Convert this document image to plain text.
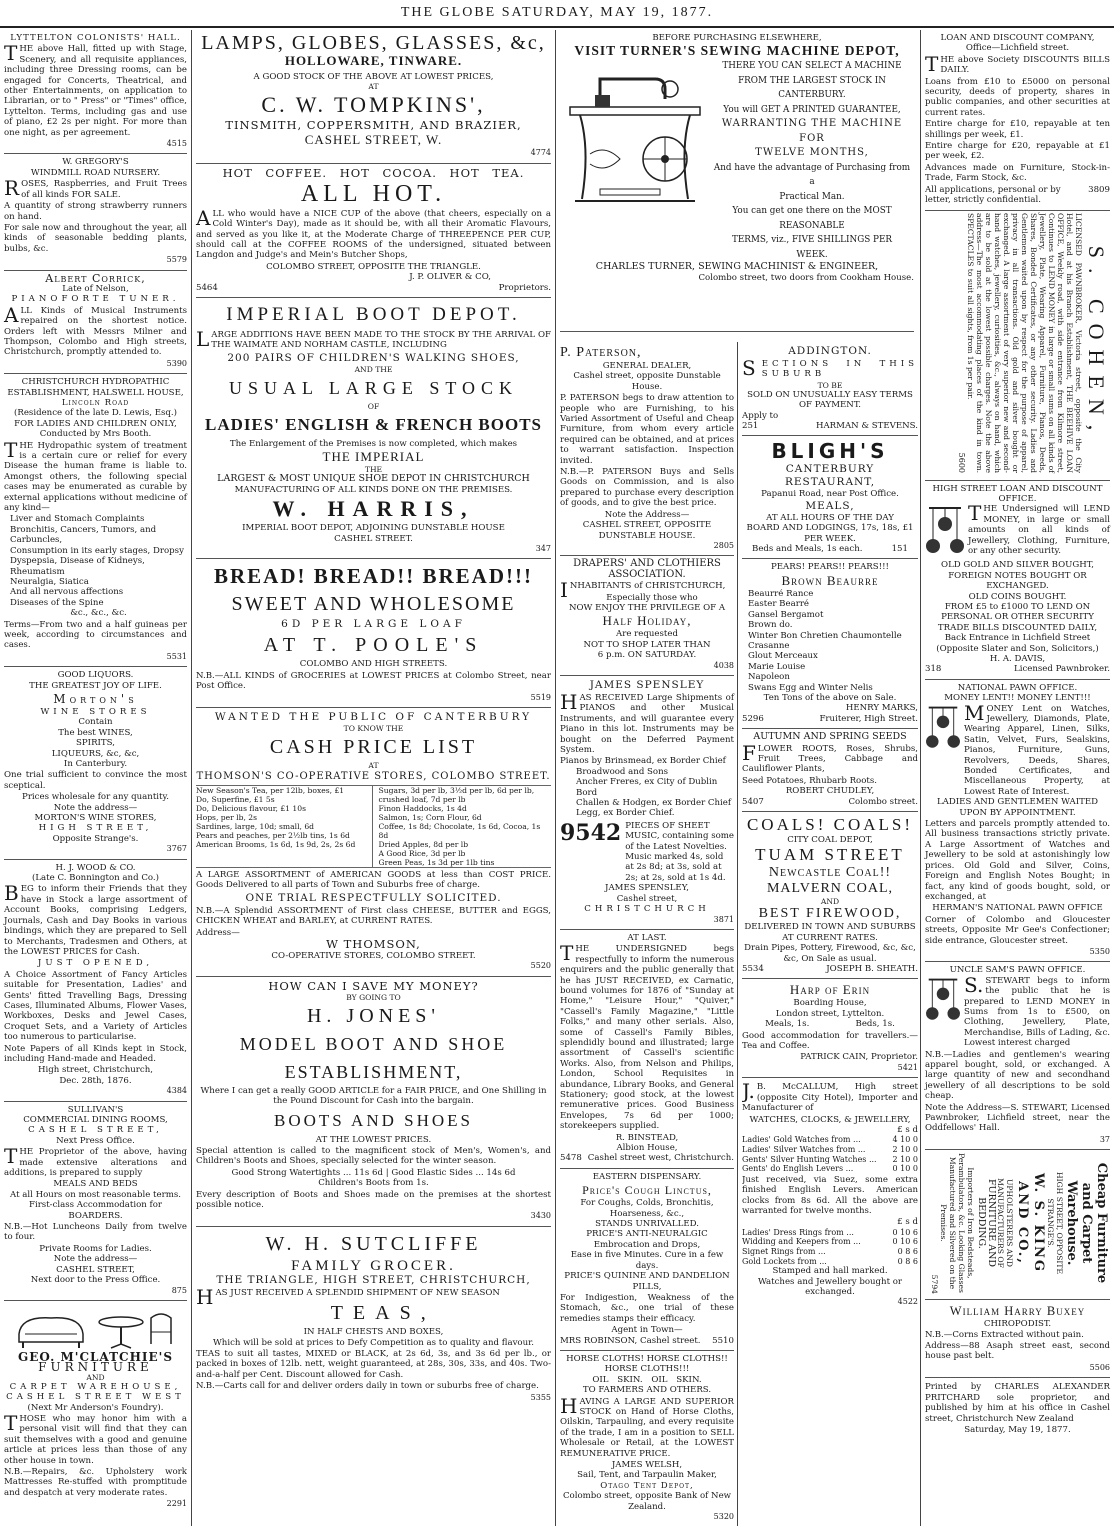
THE GLOBE SATURDAY, MAY 19, 1877.
LYTTELTON COLONISTS' HALL.

THE above Hall, fitted up with Stage, Scenery, and all requisite appliances, including three Dressing rooms, can be engaged for Concerts, Theatrical, and other Entertainments, on application to Librarian, or to " Press" or "Times" office, Lyttelton. Terms, including gas and use of piano, £2 2s per night. For more than one night, as per agreement.

4515
W. GREGORY'S
WINDMILL ROAD NURSERY.

ROSES, Raspberries, and Fruit Trees of all kinds FOR SALE.

A quantity of strong strawberry runners on hand.

For sale now and throughout the year, all kinds of seasonable bedding plants, bulbs, &c.

5579
Albert Corrick,
Late of Nelson,
PIANOFORTE TUNER.

ALL Kinds of Musical Instruments repaired on the shortest notice. Orders left with Messrs Milner and Thompson, Colombo and High streets, Christchurch, promptly attended to.

5390
CHRISTCHURCH HYDROPATHIC ESTABLISHMENT, HALSWELL HOUSE,
Lincoln Road
(Residence of the late D. Lewis, Esq.)
FOR LADIES AND CHILDREN ONLY,
Conducted by Mrs Booth.

THE Hydropathic system of treatment is a certain cure or relief for every Disease the human frame is liable to. Amongst others, the following special cases may be enumerated as curable by external applications without medicine of any kind—

Liver and Stomach Complaints
Bronchitis, Cancers, Tumors, and Carbuncles,
Consumption in its early stages, Dropsy
Dyspepsia, Disease of Kidneys, Rheumatism
Neuralgia, Siatica
And all nervous affections
Diseases of the Spine
&c., &c., &c.

Terms—From two and a half guineas per week, according to circumstances and cases.

5531
GOOD LIQUORS.
THE GREATEST JOY OF LIFE.
Morton's
WINE STORES
Contain
The best WINES,
SPIRITS,
LIQUEURS, &c, &c,
In Canterbury.

One trial sufficient to convince the most sceptical.

Prices wholesale for any quantity.
Note the address—
MORTON'S WINE STORES,
HIGH STREET,
Opposite Strange's.
3767
H. J. WOOD & CO.
(Late C. Bonnington and Co.)

BEG to inform their Friends that they have in Stock a large assortment of Account Books, comprising Ledgers, Journals, Cash and Day Books in various bindings, which they are prepared to Sell to Merchants, Tradesmen and Others, at the LOWEST PRICES for Cash.

JUST OPENED,

A Choice Assortment of Fancy Articles suitable for Presentation, Ladies' and Gents' fitted Travelling Bags, Dressing Cases, Illuminated Albums, Flower Vases, Workboxes, Desks and Jewel Cases, Croquet Sets, and a Variety of Articles too numerous to particularise.

Note Papers of all Kinds kept in Stock, including Hand-made and Headed.

High street, Christchurch,
Dec. 28th, 1876.
4384
SULLIVAN'S
COMMERCIAL DINING ROOMS,
CASHEL STREET,
Next Press Office.

THE Proprietor of the above, having made extensive alterations and additions, is prepared to supply

MEALS AND BEDS
At all Hours on most reasonable terms.
First-class Accommodation for
BOARDERS.

N.B.—Hot Luncheons Daily from twelve to four.

Private Rooms for Ladies.
Note the address—
CASHEL STREET,
Next door to the Press Office.
875
GEO. M'CLATCHIE'S
FURNITURE
AND
CARPET WAREHOUSE,
CASHEL STREET WEST
(Next Mr Anderson's Foundry).

THOSE who may honor him with a personal visit will find that they can suit themselves with a good and genuine article at prices less than those of any other house in town.

N.B.—Repairs, &c. Upholstery work Mattresses Re-stuffed with promptitude and despatch at very moderate rates.

2291
LAMPS, GLOBES, GLASSES, &c,
HOLLOWARE, TINWARE.
A GOOD STOCK OF THE ABOVE AT LOWEST PRICES,
AT
C. W. TOMPKINS',
TINSMITH, COPPERSMITH, AND BRAZIER,
CASHEL STREET, W.
4774
HOT COFFEE. HOT COCOA. HOT TEA.
ALL HOT.

ALL who would have a NICE CUP of the above (that cheers, especially on a Cold Winter's Day), made as it should be, with all their Aromatic Flavours, and served as you like it, at the Moderate Charge of THREEPENCE PER CUP, should call at the COFFEE ROOMS of the undersigned, situated between Langdon and Judge's and Mein's Butcher Shops,

COLOMBO STREET, OPPOSITE THE TRIANGLE.
J. P. OLIVER & CO,
5464	Proprietors.
IMPERIAL BOOT DEPOT.

LARGE ADDITIONS HAVE BEEN MADE TO THE STOCK BY THE ARRIVAL OF THE WAIMATE AND NORHAM CASTLE, INCLUDING

200 PAIRS OF CHILDREN'S WALKING SHOES,
AND THE
USUAL LARGE STOCK
OF
LADIES' ENGLISH & FRENCH BOOTS
The Enlargement of the Premises is now completed, which makes
THE IMPERIAL
THE
LARGEST & MOST UNIQUE SHOE DEPOT IN CHRISTCHURCH
MANUFACTURING OF ALL KINDS DONE ON THE PREMISES.
W. HARRIS,
IMPERIAL BOOT DEPOT, ADJOINING DUNSTABLE HOUSE
CASHEL STREET.
347
BREAD! BREAD!! BREAD!!!
SWEET AND WHOLESOME
6D PER LARGE LOAF
AT T. POOLE'S
COLOMBO AND HIGH STREETS.

N.B.—ALL KINDS of GROCERIES at LOWEST PRICES at Colombo Street, near Post Office.

5519
WANTED THE PUBLIC OF CANTERBURY
TO KNOW THE
CASH PRICE LIST
AT
THOMSON'S CO-OPERATIVE STORES, COLOMBO STREET.
New Season's Tea, per 12lb, boxes, £1
Do, Superfine, £1 5s
Do, Delicious flavour, £1 10s
Hops, per lb, 2s
Sardines, large, 10d; small, 6d
Pears and peaches, per 2½lb tins, 1s 6d
American Brooms, 1s 6d, 1s 9d, 2s, 2s 6d
Sugars, 3d per lb, 3½d per lb, 6d per lb, crushed loaf, 7d per lb
Finon Haddocks, 1s 4d
Salmon, 1s; Corn Flour, 6d
Coffee, 1s 8d; Chocolate, 1s 6d, Cocoa, 1s 8d
Dried Apples, 8d per lb
A Good Rice, 3d per lb
Green Peas, 1s 3d per 1lb tins

A LARGE ASSORTMENT of AMERICAN GOODS at less than COST PRICE. Goods Delivered to all parts of Town and Suburbs free of charge.

ONE TRIAL RESPECTFULLY SOLICITED.

N.B.—A Splendid ASSORTMENT of First class CHEESE, BUTTER and EGGS, CHICKEN WHEAT and BARLEY, at CURRENT RATES.

Address—
W THOMSON,
CO-OPERATIVE STORES, COLOMBO STREET.
5520
HOW CAN I SAVE MY MONEY?
BY GOING TO
H. JONES'
MODEL BOOT AND SHOE
ESTABLISHMENT,
Where I can get a really GOOD ARTICLE for a FAIR PRICE, and One Shilling in the Pound Discount for Cash into the bargain.
BOOTS AND SHOES
AT THE LOWEST PRICES.

Special attention is called to the magnificent stock of Men's, Women's, and Children's Boots and Shoes, specially selected for the winter season.

Good Strong Watertights ... 11s 6d | Good Elastic Sides ... 14s 6d
Children's Boots from 1s.

Every description of Boots and Shoes made on the premises at the shortest possible notice.

3430
W. H. SUTCLIFFE
FAMILY GROCER.
THE TRIANGLE, HIGH STREET, CHRISTCHURCH,

HAS JUST RECEIVED A SPLENDID SHIPMENT OF NEW SEASON

TEAS,
IN HALF CHESTS AND BOXES,
Which will be sold at prices to Defy Competition as to quality and flavour.

TEAS to suit all tastes, MIXED or BLACK, at 2s 6d, 3s, and 3s 6d per lb., or packed in boxes of 12lb. nett, weight guaranteed, at 28s, 30s, 33s, and 40s. Two-and-a-half per Cent. Discount allowed for Cash.

N.B.—Carts call for and deliver orders daily in town or suburbs free of charge.

5355
BEFORE PURCHASING ELSEWHERE,
VISIT TURNER'S SEWING MACHINE DEPOT,
THERE YOU CAN SELECT A MACHINE
FROM THE LARGEST STOCK IN
CANTERBURY.
You will GET A PRINTED GUARANTEE,
WARRANTING THE MACHINE FOR
TWELVE MONTHS,
And have the advantage of Purchasing from a
Practical Man.
You can get one there on the MOST REASONABLE
TERMS, viz., FIVE SHILLINGS PER
WEEK.
CHARLES TURNER, SEWING MACHINIST & ENGINEER,
Colombo street, two doors from Cookham House.
P. Paterson,
GENERAL DEALER,
Cashel street, opposite Dunstable House.

P. PATERSON begs to draw attention to people who are Furnishing, to his Varied Assortment of Useful and Cheap Furniture, from whom every article required can be obtained, and at prices to warrant satisfaction. Inspection invited.

N.B.—P. PATERSON Buys and Sells Goods on Commission, and is also prepared to purchase every description of goods, and to give the best price.

Note the Address—
CASHEL STREET, OPPOSITE DUNSTABLE HOUSE.
2805
DRAPERS' AND CLOTHIERS ASSOCIATION.

INHABITANTS of CHRISTCHURCH,

Especially those who
NOW ENJOY THE PRIVILEGE OF A
Half Holiday,
Are requested
NOT TO SHOP LATER THAN
6 p.m. ON SATURDAY.
4038
JAMES SPENSLEY

HAS RECEIVED Large Shipments of PIANOS and other Musical Instruments, and will guarantee every Piano in this lot. Instruments may be bought on the Deferred Payment System.

Pianos by Brinsmead, ex Border Chief
Broadwood and Sons
Ancher Freres, ex City of Dublin
Bord
Challen & Hodgen, ex Border Chief
Legg, ex Border Chief.
9542 PIECES OF SHEET MUSIC, containing some of the Latest Novelties. Music marked 4s, sold at 2s 8d; at 3s, sold at 2s; at 2s, sold at 1s 4d.
JAMES SPENSLEY,
Cashel street,
CHRISTCHURCH
3871
AT LAST.

THE UNDERSIGNED begs respectfully to inform the numerous enquirers and the public generally that he has JUST RECEIVED, ex Carnatic, bound volumes for 1876 of "Sunday at Home," "Leisure Hour," "Quiver," "Cassell's Family Magazine," "Little Folks," and many other serials. Also, some of Cassell's Family Bibles, splendidly bound and illustrated; large assortment of Cassell's scientific Works. Also, from Nelson and Philips, London, School Requisites in abundance, Library Books, and General Stationery; good stock, at the lowest remunerative prices. Good Business Envelopes, 7s 6d per 1000; storekeepers supplied.

R. BINSTEAD,
Albion House,
5478 Cashel street west, Christchurch.
EASTERN DISPENSARY.
Price's Cough Linctus,
For Coughs, Colds, Bronchitis, Hoarseness, &c.,
STANDS UNRIVALLED.
PRICE'S ANTI-NEURALGIC
Embrocation and Drops,
Ease in five Minutes. Cure in a few days.
PRICE'S QUININE AND DANDELION PILLS,

For Indigestion, Weakness of the Stomach, &c., one trial of these remedies stamps their efficacy.

Agent in Town—
MRS ROBINSON, Cashel street. 5510
HORSE CLOTHS! HORSE CLOTHS!!
HORSE CLOTHS!!!
OIL SKIN. OIL SKIN.
TO FARMERS AND OTHERS.

HAVING A LARGE AND SUPERIOR STOCK on Hand of Horse Cloths, Oilskin, Tarpauling, and every requisite of the trade, I am in a position to SELL Wholesale or Retail, at the LOWEST REMUNERATIVE PRICE.

JAMES WELSH,
Sail, Tent, and Tarpaulin Maker,
Otago Tent Depot,
Colombo street, opposite Bank of New Zealand.
5320
ADDINGTON.

SECTIONS IN THIS SUBURB

TO BE
SOLD ON UNUSUALLY EASY TERMS OF PAYMENT.
Apply to
251	HARMAN & STEVENS.
BLIGH'S
CANTERBURY RESTAURANT,
Papanui Road, near Post Office.
MEALS,
AT ALL HOURS OF THE DAY
BOARD AND LODGINGS, 17s, 18s, £1 PER WEEK.
Beds and Meals, 1s each.	151
PEARS! PEARS!! PEARS!!!
Brown Beaurre
Beaurré Rance
Easter Bearré
Gansel Bergamot
Brown do.
Winter Bon Chretien Chaumontelle
Crasanne
Glout Merceaux
Marie Louise
Napoleon
Swans Egg and Winter Nelis
Ten Tons of the above on Sale.
HENRY MARKS,
5296	Fruiterer, High Street.
AUTUMN AND SPRING SEEDS

FLOWER ROOTS, Roses, Shrubs, Fruit Trees, Cabbage and Cauliflower Plants,

Seed Potatoes, Rhubarb Roots.
ROBERT CHUDLEY,
5407	Colombo street.
COALS! COALS!
CITY COAL DEPOT,
TUAM STREET
Newcastle Coal!!
MALVERN COAL,
AND
BEST FIREWOOD,
DELIVERED IN TOWN AND SUBURBS AT CURRENT RATES.
Drain Pipes, Pottery, Firewood, &c, &c, &c, On Sale as usual.
5534	JOSEPH B. SHEATH.
Harp of Erin
Boarding House,
London street, Lyttelton.
Meals, 1s.	Beds, 1s.

Good accommodation for travellers.—Tea and Coffee.

PATRICK CAIN, Proprietor.
5421

J.B. McCALLUM, High street (opposite City Hotel), Importer and Manufacturer of

WATCHES, CLOCKS, & JEWELLERY,
£ s d
Ladies' Gold Watches from ...	4 10 0
Ladies' Silver Watches from ...	2 10 0
Gents' Silver Hunting Watches ...	2 10 0
Gents' do English Levers ...	0 10 0

Just received, via Suez, some extra finished English Levers. American clocks from 8s 6d. All the above are warranted for twelve months.

£ s d
Ladies' Dress Rings from ...	0 10 6
Widding and Keepers from ...	0 10 6
Signet Rings from ...	0 8 6
Gold Lockets from ...	0 8 6
Stamped and hall marked.
Watches and Jewellery bought or exchanged.
4522
LOAN AND DISCOUNT COMPANY,
Office—Lichfield street.

THE above Society DISCOUNTS BILLS DAILY.

Loans from £10 to £5000 on personal security, deeds of property, shares in public companies, and other securities at current rates.

Entire charge for £10, repayable at ten shillings per week, £1.

Entire charge for £20, repayable at £1 per week, £2.

Advances made on Furniture, Stock-in-Trade, Farm Stock, &c.

All applications, personal or by letter, strictly confidential.
3809
S. COHEN,

LICENSED PAWNBROKER, Victoria street, opposite the City Hotel, and at his Branch Establishment, THE BEEHIVE LOAN OFFICE, Weekly road, with side entrance from Kilmore street, Continues to LEND MONEY in large or small sums on all kinds of Jewellery, Plate, Wearing Apparel, Furniture, Pianos, Deeds, Shares, Bonded Certificates, or any other security. Ladies and Gentlemen waited upon by respect for the purpose of apparel, privacy in all transactions. Old gold and silver bought or exchanged. A large assortment of very superior new and second-hand watches, jewellery, curiosities, &c., always on hand, which are to be sold at the lowest possible charges. Note the above address—The most accommodating places of the kind in town. SPECTACLES to suit all sights, from 1s per pair.

5600
HIGH STREET LOAN AND DISCOUNT OFFICE.

THE Undersigned will LEND MONEY, in large or small amounts on all kinds of Jewellery, Clothing, Furniture, or any other security.

OLD GOLD AND SILVER BOUGHT, FOREIGN NOTES BOUGHT OR EXCHANGED.
OLD COINS BOUGHT.
FROM £5 to £1000 TO LEND ON PERSONAL OR OTHER SECURITY
TRADE BILLS DISCOUNTED DAILY,
Back Entrance in Lichfield Street
(Opposite Slater and Son, Solicitors,)
H. A. DAVIS,
318	Licensed Pawnbroker.
NATIONAL PAWN OFFICE.
MONEY LENT!! MONEY LENT!!!

MONEY Lent on Watches, Jewellery, Diamonds, Plate, Wearing Apparel, Linen, Silks, Satin, Velvet, Furs, Sealskins, Pianos, Furniture, Guns, Revolvers, Deeds, Shares, Bonded Certificates, and Miscellaneous Property, at Lowest Rate of Interest.

LADIES AND GENTLEMEN WAITED UPON BY APPOINTMENT.

Letters and parcels promptly attended to. All business transactions strictly private. A Large Assortment of Watches and Jewellery to be sold at astonishingly low prices. Old Gold and Silver, Coins, Foreign and English Notes Bought; in fact, any kind of goods bought, sold, or exchanged, at

HERMAN'S NATIONAL PAWN OFFICE

Corner of Colombo and Gloucester streets, Opposite Mr Gee's Confectioner; side entrance, Gloucester street.

5350
UNCLE SAM'S PAWN OFFICE.

S.STEWART begs to inform the public that he is prepared to LEND MONEY in Sums from 1s to £500, on Clothing, Jewellery, Plate, Merchandise, Bills of Lading, &c. Lowest interest charged

N.B.—Ladies and gentlemen's wearing apparel bought, sold, or exchanged. A large quantity of new and secondhand jewellery of all descriptions to be sold cheap.

Note the Address—S. STEWART, Licensed Pawnbroker, Lichfield street, near the Oddfellows' Hall.

37
Cheap Furniture and Carpet Warehouse.
HIGH STREET, OPPOSITE STRANGE'S.
W. S. KING AND CO.,
UPHOLSTERERS AND MANUFACTURERS OF
FURNITURE AND BEDDING.
Importers of Iron Bedsteads, Perambulators, &c. Looking Glasses Manufactured and Silvered on the Premises.
5794
William Harry Buxey
CHIROPODIST.
N.B.—Corns Extracted without pain.

Address—88 Asaph street east, second house past belt.

5506

Printed by CHARLES ALEXANDER PRITCHARD sole proprietor, and published by him at his office in Cashel street, Christchurch New Zealand

Saturday, May 19, 1877.
